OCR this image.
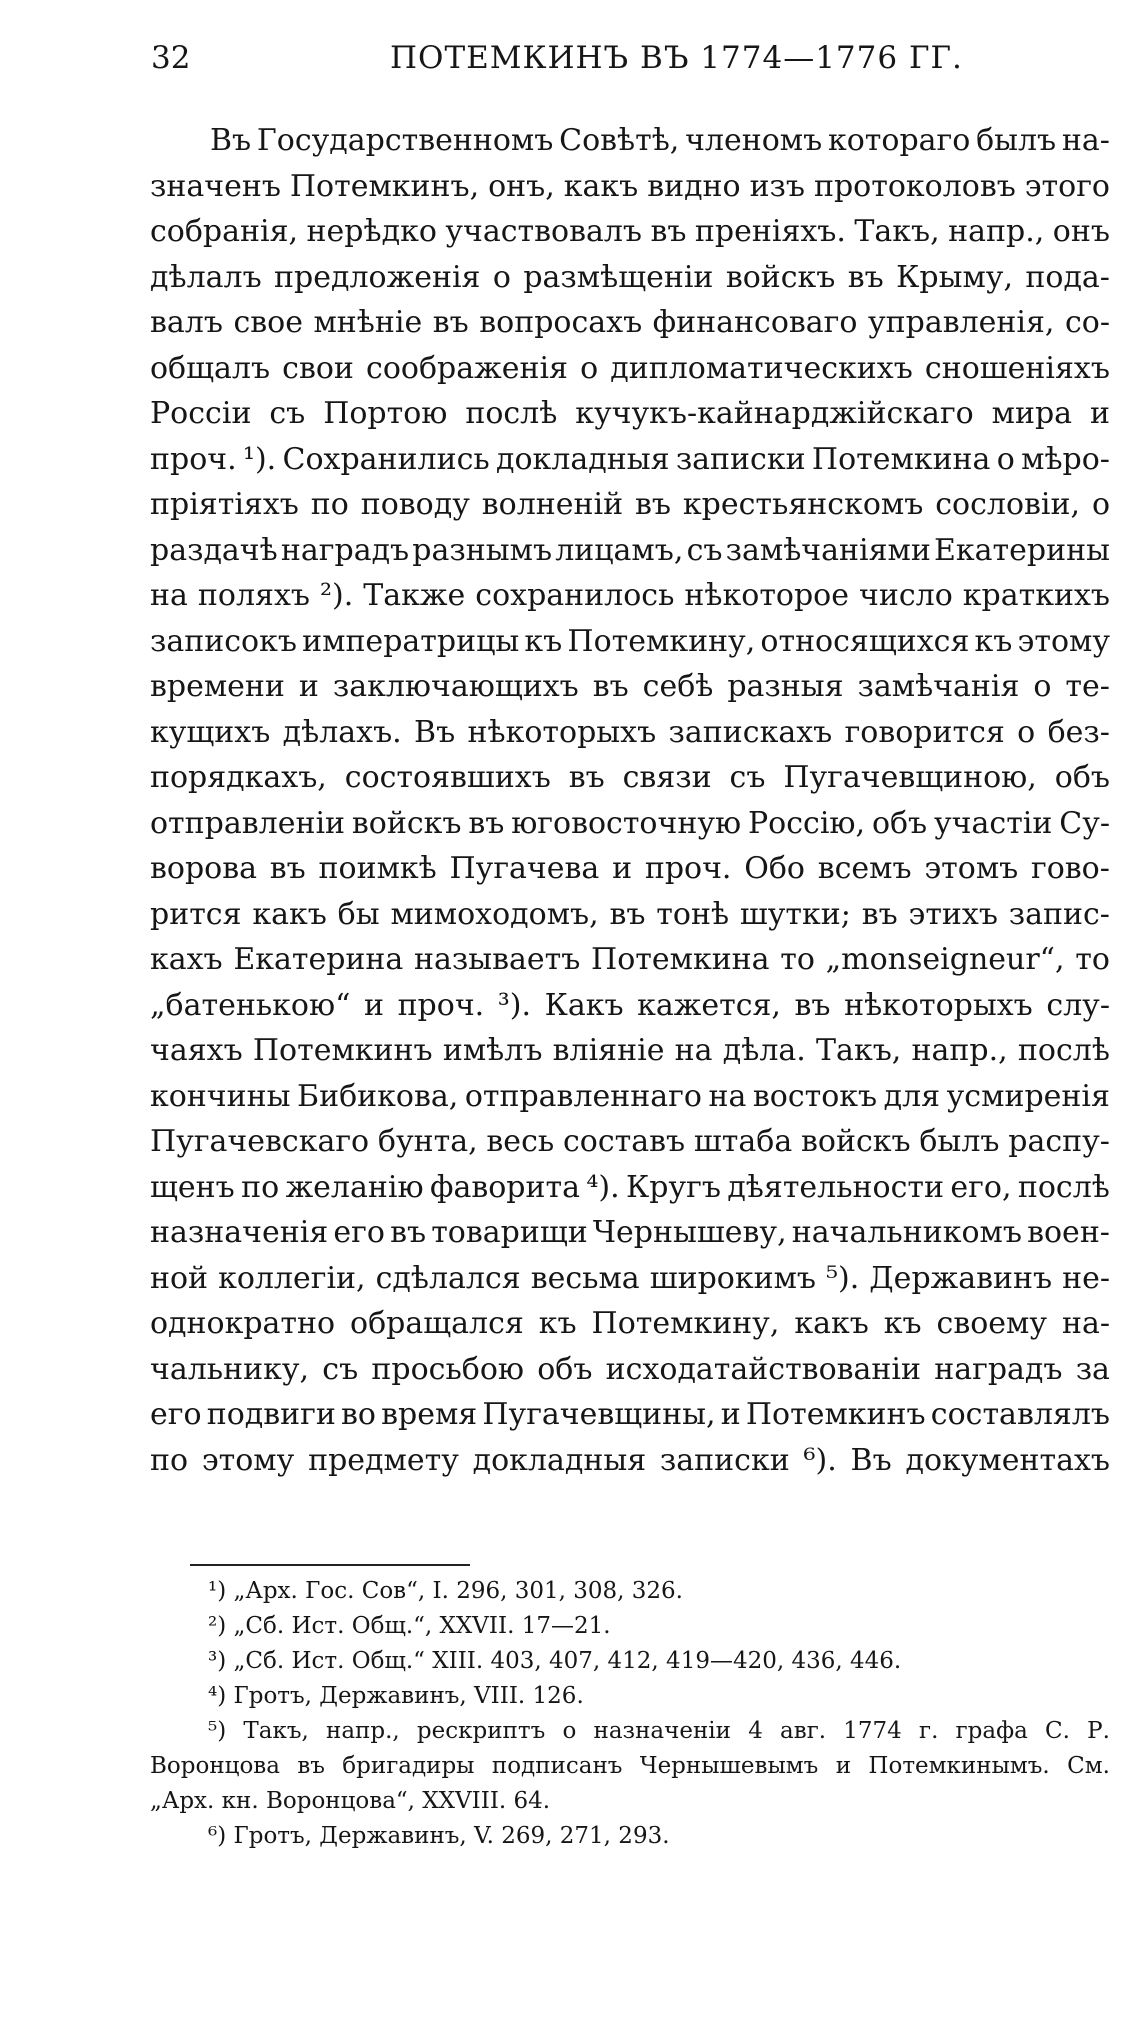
32	ПОТЕМКИНЪ ВЪ 1774—1776 ГГ.
Въ Государственномъ Совѣтѣ, членомъ котораго былъ на-
значенъ Потемкинъ, онъ, какъ видно изъ протоколовъ этого
собранія, нерѣдко участвовалъ въ преніяхъ. Такъ, напр., онъ
дѣлалъ предложенія о размѣщеніи войскъ въ Крыму, пода-
валъ свое мнѣніе въ вопросахъ финансоваго управленія, со-
общалъ свои соображенія о дипломатическихъ сношеніяхъ
Россіи съ Портою послѣ кучукъ-кайнарджійскаго мира и
проч. ¹). Сохранились докладныя записки Потемкина о мѣро-
пріятіяхъ по поводу волненій въ крестьянскомъ сословіи, о
раздачѣ наградъ разнымъ лицамъ, съ замѣчаніями Екатерины
на поляхъ ²). Также сохранилось нѣкоторое число краткихъ
записокъ императрицы къ Потемкину, относящихся къ этому
времени и заключающихъ въ себѣ разныя замѣчанія о те-
кущихъ дѣлахъ. Въ нѣкоторыхъ запискахъ говорится о без-
порядкахъ, состоявшихъ въ связи съ Пугачевщиною, объ
отправленіи войскъ въ юговосточную Россію, объ участіи Су-
ворова въ поимкѣ Пугачева и проч. Обо всемъ этомъ гово-
рится какъ бы мимоходомъ, въ тонѣ шутки; въ этихъ запис-
кахъ Екатерина называетъ Потемкина то „monseigneur“, то
„батенькою“ и проч. ³). Какъ кажется, въ нѣкоторыхъ слу-
чаяхъ Потемкинъ имѣлъ вліяніе на дѣла. Такъ, напр., послѣ
кончины Бибикова, отправленнаго на востокъ для усмиренія
Пугачевскаго бунта, весь составъ штаба войскъ былъ распу-
щенъ по желанію фаворита ⁴). Кругъ дѣятельности его, послѣ
назначенія его въ товарищи Чернышеву, начальникомъ воен-
ной коллегіи, сдѣлался весьма широкимъ ⁵). Державинъ не-
однократно обращался къ Потемкину, какъ къ своему на-
чальнику, съ просьбою объ исходатайствованіи наградъ за
его подвиги во время Пугачевщины, и Потемкинъ составлялъ
по этому предмету докладныя записки ⁶). Въ документахъ
¹) „Арх. Гос. Сов“, I. 296, 301, 308, 326.
²) „Сб. Ист. Общ.“, XXVII. 17—21.
³) „Сб. Ист. Общ.“ XIII. 403, 407, 412, 419—420, 436, 446.
⁴) Гротъ, Державинъ, VIII. 126.
⁵) Такъ, напр., рескриптъ о назначеніи 4 авг. 1774 г. графа С. Р.
Воронцова въ бригадиры подписанъ Чернышевымъ и Потемкинымъ. См.
„Арх. кн. Воронцова“, XXVIII. 64.
⁶) Гротъ, Державинъ, V. 269, 271, 293.
